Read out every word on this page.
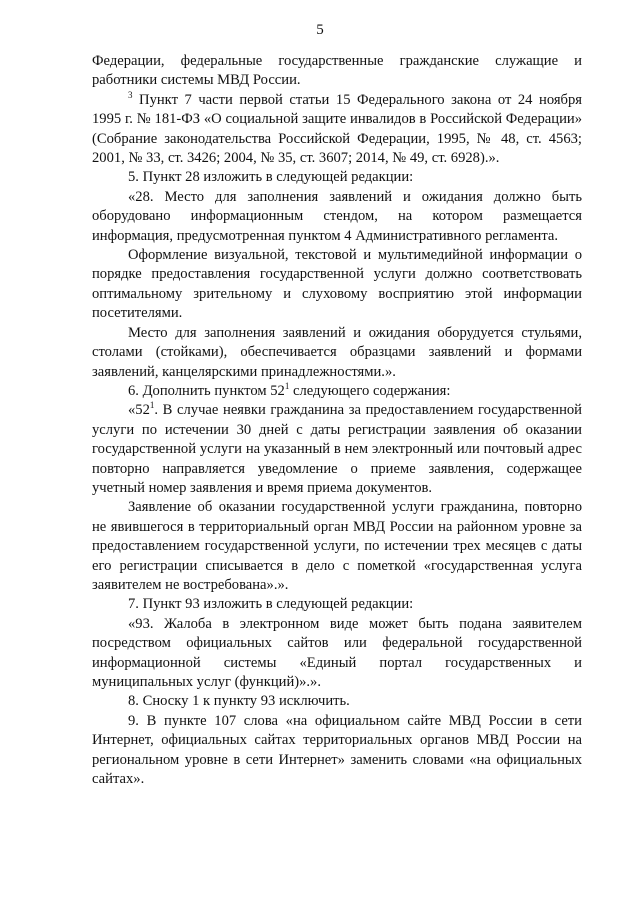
5

Федерации, федеральные государственные гражданские служащие и работники системы МВД России.

$^3$ Пункт 7 части первой статьи 15 Федерального закона от 24 ноября 1995 г. № 181-ФЗ «О социальной защите инвалидов в Российской Федерации» (Собрание законодательства Российской Федерации, 1995, № 48, ст. 4563; 2001, № 33, ст. 3426; 2004, № 35, ст. 3607; 2014, № 49, ст. 6928).».

5. Пункт 28 изложить в следующей редакции:

«28. Место для заполнения заявлений и ожидания должно быть оборудовано информационным стендом, на котором размещается информация, предусмотренная пунктом 4 Административного регламента.

Оформление визуальной, текстовой и мультимедийной информации о порядке предоставления государственной услуги должно соответствовать оптимальному зрительному и слуховому восприятию этой информации посетителями.

Место для заполнения заявлений и ожидания оборудуется стульями, столами (стойками), обеспечивается образцами заявлений и формами заявлений, канцелярскими принадлежностями.».

6. Дополнить пунктом $52^1$ следующего содержания:

«$52^1$. В случае неявки гражданина за предоставлением государственной услуги по истечении 30 дней с даты регистрации заявления об оказании государственной услуги на указанный в нем электронный или почтовый адрес повторно направляется уведомление о приеме заявления, содержащее учетный номер заявления и время приема документов.

Заявление об оказании государственной услуги гражданина, повторно не явившегося в территориальный орган МВД России на районном уровне за предоставлением государственной услуги, по истечении трех месяцев с даты его регистрации списывается в дело с пометкой «государственная услуга заявителем не востребована».».

7. Пункт 93 изложить в следующей редакции:

«93. Жалоба в электронном виде может быть подана заявителем посредством официальных сайтов или федеральной государственной информационной системы «Единый портал государственных и муниципальных услуг (функций)».».

8. Сноску 1 к пункту 93 исключить.

9. В пункте 107 слова «на официальном сайте МВД России в сети Интернет, официальных сайтах территориальных органов МВД России на региональном уровне в сети Интернет» заменить словами «на официальных сайтах».
